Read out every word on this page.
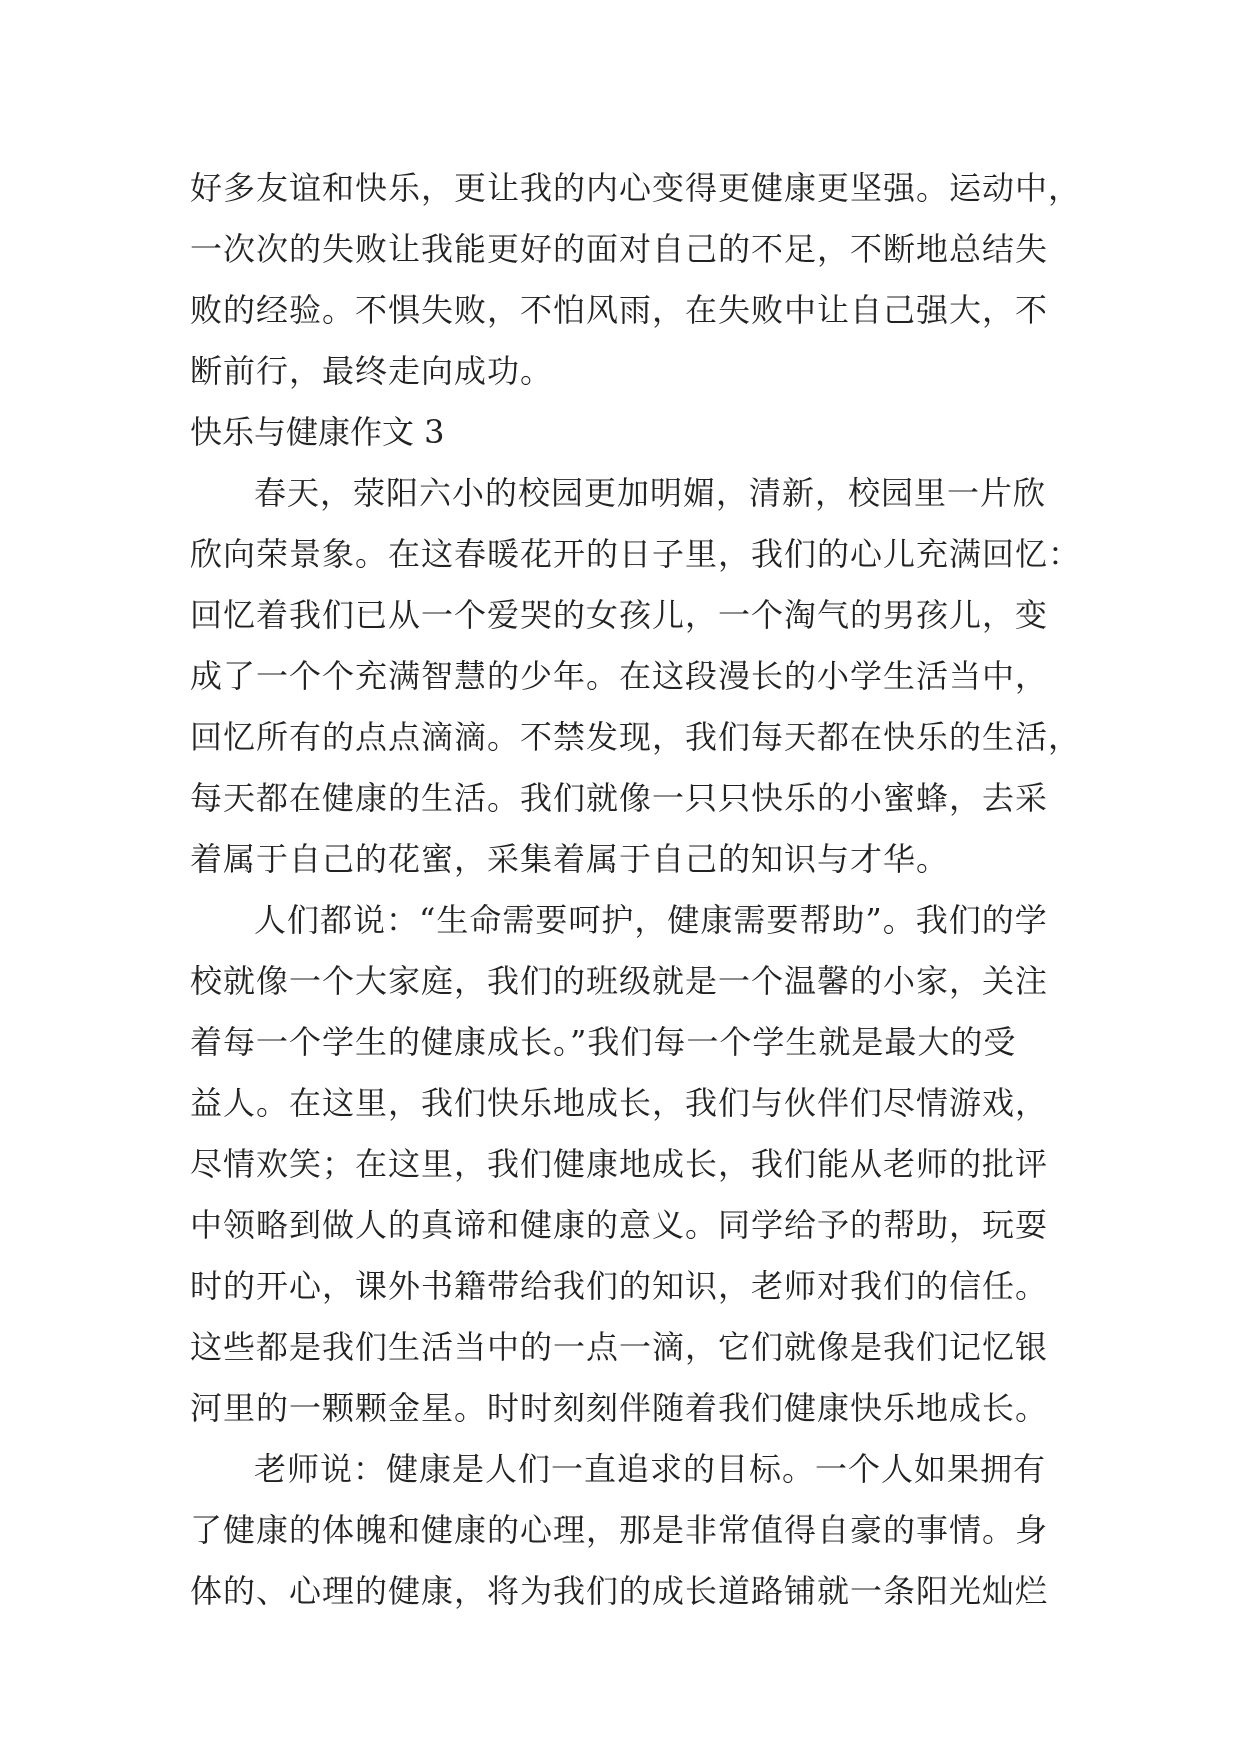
好多友谊和快乐，更让我的内心变得更健康更坚强。运动中，
一次次的失败让我能更好的面对自己的不足，不断地总结失
败的经验。不惧失败，不怕风雨，在失败中让自己强大，不
断前行，最终走向成功。
快乐与健康作文 3
春天，荥阳六小的校园更加明媚，清新，校园里一片欣
欣向荣景象。在这春暖花开的日子里，我们的心儿充满回忆：
回忆着我们已从一个爱哭的女孩儿，一个淘气的男孩儿，变
成了一个个充满智慧的少年。在这段漫长的小学生活当中，
回忆所有的点点滴滴。不禁发现，我们每天都在快乐的生活，
每天都在健康的生活。我们就像一只只快乐的小蜜蜂，去采
着属于自己的花蜜，采集着属于自己的知识与才华。
人们都说：“生命需要呵护，健康需要帮助”。我们的学
校就像一个大家庭，我们的班级就是一个温馨的小家，关注
着每一个学生的健康成长。”我们每一个学生就是最大的受
益人。在这里，我们快乐地成长，我们与伙伴们尽情游戏，
尽情欢笑；在这里，我们健康地成长，我们能从老师的批评
中领略到做人的真谛和健康的意义。同学给予的帮助，玩耍
时的开心，课外书籍带给我们的知识，老师对我们的信任。
这些都是我们生活当中的一点一滴，它们就像是我们记忆银
河里的一颗颗金星。时时刻刻伴随着我们健康快乐地成长。
老师说：健康是人们一直追求的目标。一个人如果拥有
了健康的体魄和健康的心理，那是非常值得自豪的事情。身
体的、心理的健康，将为我们的成长道路铺就一条阳光灿烂
